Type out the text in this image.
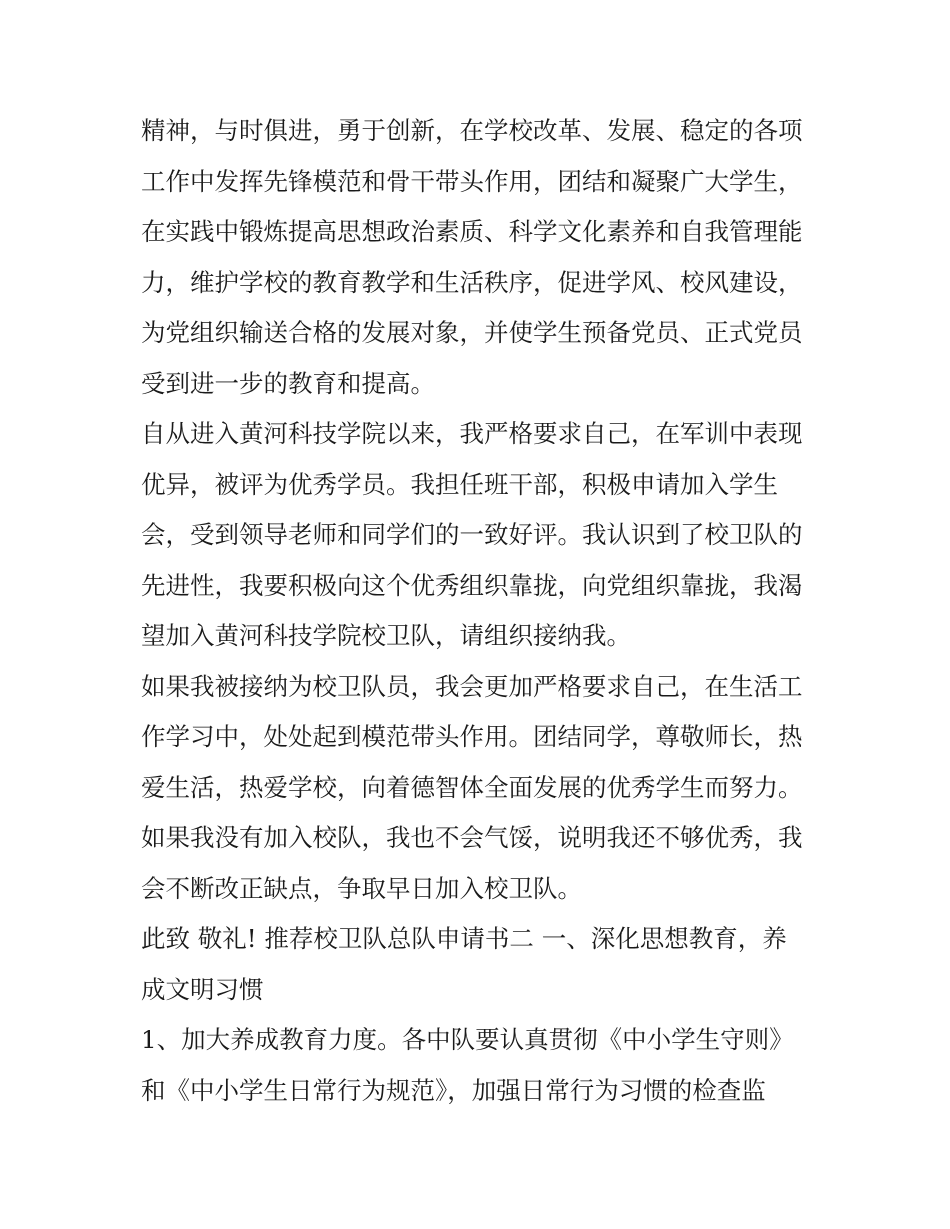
精神，与时俱进，勇于创新，在学校改革、发展、稳定的各项
工作中发挥先锋模范和骨干带头作用，团结和凝聚广大学生，
在实践中锻炼提高思想政治素质、科学文化素养和自我管理能
力，维护学校的教育教学和生活秩序，促进学风、校风建设，
为党组织输送合格的发展对象，并使学生预备党员、正式党员
受到进一步的教育和提高。
自从进入黄河科技学院以来，我严格要求自己，在军训中表现
优异，被评为优秀学员。我担任班干部，积极申请加入学生
会，受到领导老师和同学们的一致好评。我认识到了校卫队的
先进性，我要积极向这个优秀组织靠拢，向党组织靠拢，我渴
望加入黄河科技学院校卫队，请组织接纳我。
如果我被接纳为校卫队员，我会更加严格要求自己，在生活工
作学习中，处处起到模范带头作用。团结同学，尊敬师长，热
爱生活，热爱学校，向着德智体全面发展的优秀学生而努力。
如果我没有加入校队，我也不会气馁，说明我还不够优秀，我
会不断改正缺点，争取早日加入校卫队。
此致 敬礼! 推荐校卫队总队申请书二 一、深化思想教育，养
成文明习惯
1、加大养成教育力度。各中队要认真贯彻《中小学生守则》
和《中小学生日常行为规范》，加强日常行为习惯的检查监
